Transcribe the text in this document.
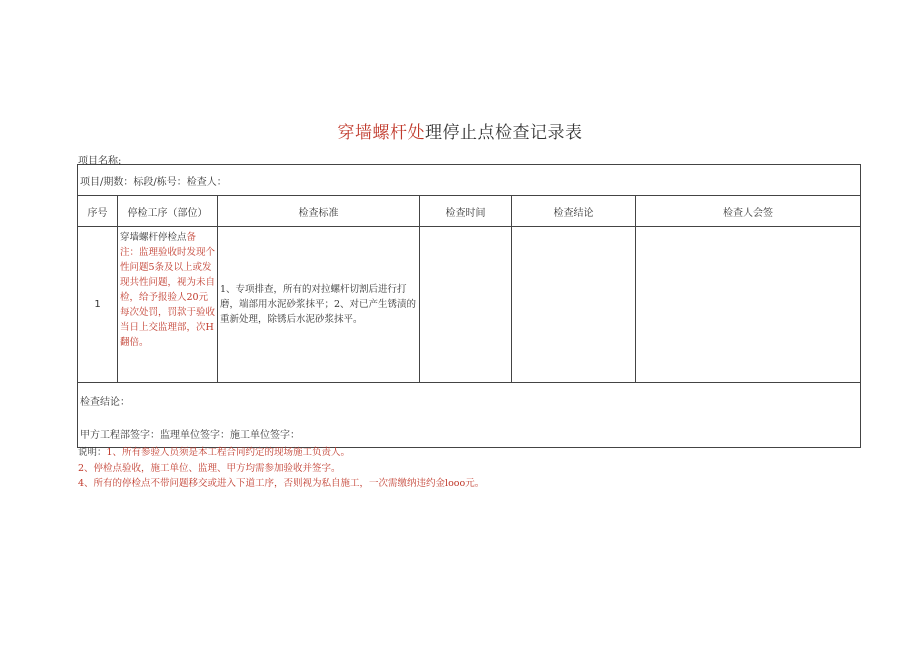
穿墙螺杆处理停止点检查记录表
项目名称:
项目/期数：标段/栋号：检查人：					
序号	停检工序（部位）	检查标准	检查时间	检查结论	检查人会签
1	穿墙螺杆停检点备注：监理验收时发现个性问题5条及以上或发现共性问题，视为未自检，给予报验人20元每次处罚，罚款于验收当日上交监理部，次H翻倍。	1、专项排查，所有的对拉螺杆切割后进行打磨，端部用水泥砂浆抹平；2、对已产生锈渍的重新处理，除锈后水泥砂浆抹平。			

检查结论：
甲方工程部签字：监理单位签字：施工单位签字：					
说明：1、所有参验人员须是本工程合同约定的现场施工负责人。
2、停检点验收，施工单位、监理、甲方均需参加验收并签字。
4、所有的停检点不带问题移交或进入下道工序，否则视为私自施工，一次需缴纳违约金looo元。
